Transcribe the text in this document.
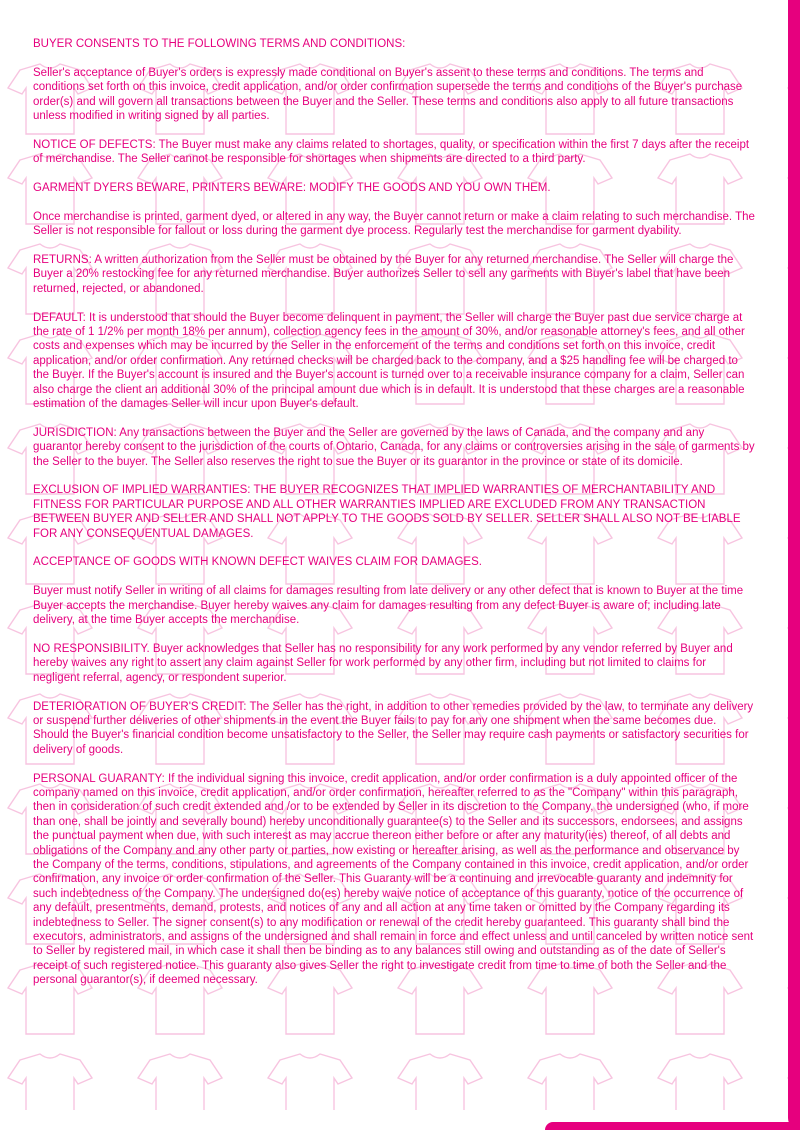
BUYER CONSENTS TO THE FOLLOWING TERMS AND CONDITIONS:

Seller's acceptance of Buyer's orders is expressly made conditional on Buyer's assent to these terms and conditions. The terms and conditions set forth on this invoice, credit application, and/or order confirmation supersede the terms and conditions of the Buyer's purchase order(s) and will govern all transactions between the Buyer and the Seller. These terms and conditions also apply to all future transactions unless modified in writing signed by all parties.

NOTICE OF DEFECTS: The Buyer must make any claims related to shortages, quality, or specification within the first 7 days after the receipt of merchandise. The Seller cannot be responsible for shortages when shipments are directed to a third party.

GARMENT DYERS BEWARE, PRINTERS BEWARE: MODIFY THE GOODS AND YOU OWN THEM.

Once merchandise is printed, garment dyed, or altered in any way, the Buyer cannot return or make a claim relating to such merchandise. The Seller is not responsible for fallout or loss during the garment dye process. Regularly test the merchandise for garment dyability.

RETURNS: A written authorization from the Seller must be obtained by the Buyer for any returned merchandise. The Seller will charge the Buyer a 20% restocking fee for any returned merchandise. Buyer authorizes Seller to sell any garments with Buyer's label that have been returned, rejected, or abandoned.

DEFAULT: It is understood that should the Buyer become delinquent in payment, the Seller will charge the Buyer past due service charge at the rate of 1 1/2% per month 18% per annum), collection agency fees in the amount of 30%, and/or reasonable attorney's fees, and all other costs and expenses which may be incurred by the Seller in the enforcement of the terms and conditions set forth on this invoice, credit application, and/or order confirmation. Any returned checks will be charged back to the company, and a $25 handling fee will be charged to the Buyer. If the Buyer's account is insured and the Buyer's account is turned over to a receivable insurance company for a claim, Seller can also charge the client an additional 30% of the principal amount due which is in default. It is understood that these charges are a reasonable estimation of the damages Seller will incur upon Buyer's default.

JURISDICTION: Any transactions between the Buyer and the Seller are governed by the laws of Canada, and the company and any guarantor hereby consent to the jurisdiction of the courts of Ontario, Canada, for any claims or controversies arising in the sale of garments by the Seller to the buyer. The Seller also reserves the right to sue the Buyer or its guarantor in the province or state of its domicile.

EXCLUSION OF IMPLIED WARRANTIES: THE BUYER RECOGNIZES THAT IMPLIED WARRANTIES OF MERCHANTABILITY AND FITNESS FOR PARTICULAR PURPOSE AND ALL OTHER WARRANTIES IMPLIED ARE EXCLUDED FROM ANY TRANSACTION BETWEEN BUYER AND SELLER AND SHALL NOT APPLY TO THE GOODS SOLD BY SELLER. SELLER SHALL ALSO NOT BE LIABLE FOR ANY CONSEQUENTUAL DAMAGES.

ACCEPTANCE OF GOODS WITH KNOWN DEFECT WAIVES CLAIM FOR DAMAGES.

Buyer must notify Seller in writing of all claims for damages resulting from late delivery or any other defect that is known to Buyer at the time Buyer accepts the merchandise. Buyer hereby waives any claim for damages resulting from any defect Buyer is aware of; including late delivery, at the time Buyer accepts the merchandise.

NO RESPONSIBILITY. Buyer acknowledges that Seller has no responsibility for any work performed by any vendor referred by Buyer and hereby waives any right to assert any claim against Seller for work performed by any other firm, including but not limited to claims for negligent referral, agency, or respondent superior.

DETERIORATION OF BUYER'S CREDIT: The Seller has the right, in addition to other remedies provided by the law, to terminate any delivery or suspend further deliveries of other shipments in the event the Buyer fails to pay for any one shipment when the same becomes due. Should the Buyer's financial condition become unsatisfactory to the Seller, the Seller may require cash payments or satisfactory securities for delivery of goods.

PERSONAL GUARANTY: If the individual signing this invoice, credit application, and/or order confirmation is a duly appointed officer of the company named on this invoice, credit application, and/or order confirmation, hereafter referred to as the "Company" within this paragraph, then in consideration of such credit extended and /or to be extended by Seller in its discretion to the Company, the undersigned (who, if more than one, shall be jointly and severally bound) hereby unconditionally guarantee(s) to the Seller and its successors, endorsees, and assigns the punctual payment when due, with such interest as may accrue thereon either before or after any maturity(ies) thereof, of all debts and obligations of the Company and any other party or parties, now existing or hereafter arising, as well as the performance and observance by the Company of the terms, conditions, stipulations, and agreements of the Company contained in this invoice, credit application, and/or order confirmation, any invoice or order confirmation of the Seller. This Guaranty will be a continuing and irrevocable guaranty and indemnity for such indebtedness of the Company. The undersigned do(es) hereby waive notice of acceptance of this guaranty, notice of the occurrence of any default, presentments, demand, protests, and notices of any and all action at any time taken or omitted by the Company regarding its indebtedness to Seller. The signer consent(s) to any modification or renewal of the credit hereby guaranteed. This guaranty shall bind the executors, administrators, and assigns of the undersigned and shall remain in force and effect unless and until canceled by written notice sent to Seller by registered mail, in which case it shall then be binding as to any balances still owing and outstanding as of the date of Seller's receipt of such registered notice. This guaranty also gives Seller the right to investigate credit from time to time of both the Seller and the personal guarantor(s), if deemed necessary.
